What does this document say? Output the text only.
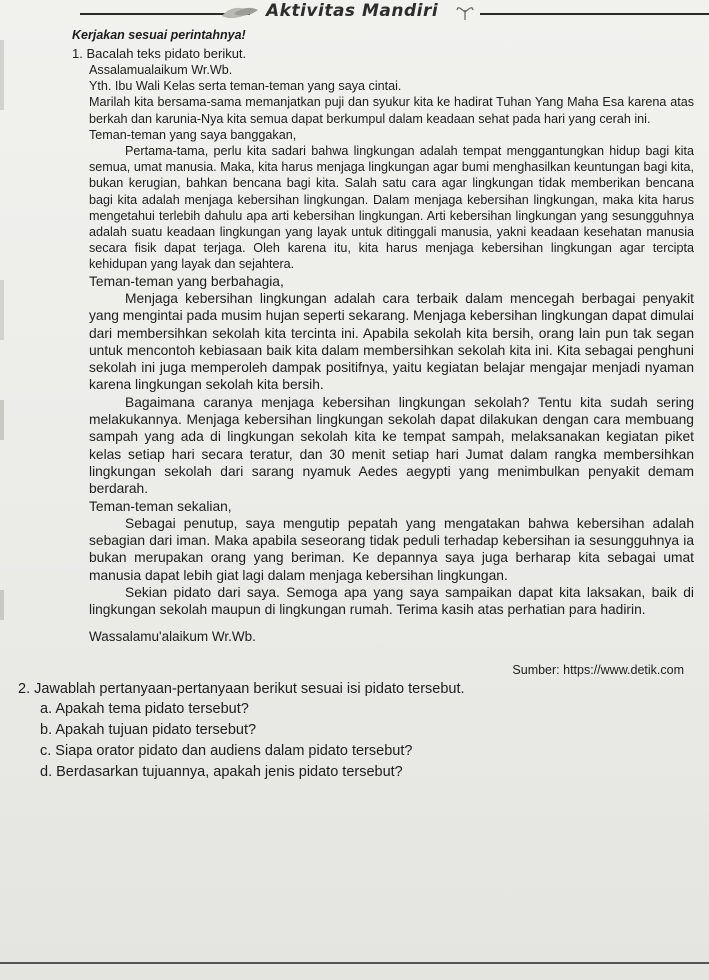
Aktivitas Mandiri
Kerjakan sesuai perintahnya!
1. Bacalah teks pidato berikut.

Assalamualaikum Wr.Wb.

Yth. Ibu Wali Kelas serta teman-teman yang saya cintai.

Marilah kita bersama-sama memanjatkan puji dan syukur kita ke hadirat Tuhan Yang Maha Esa karena atas berkah dan karunia-Nya kita semua dapat berkumpul dalam keadaan sehat pada hari yang cerah ini.

Teman-teman yang saya banggakan,

Pertama-tama, perlu kita sadari bahwa lingkungan adalah tempat menggantungkan hidup bagi kita semua, umat manusia. Maka, kita harus menjaga lingkungan agar bumi menghasilkan keuntungan bagi kita, bukan kerugian, bahkan bencana bagi kita. Salah satu cara agar lingkungan tidak memberikan bencana bagi kita adalah menjaga kebersihan lingkungan. Dalam menjaga kebersihan lingkungan, maka kita harus mengetahui terlebih dahulu apa arti kebersihan lingkungan. Arti kebersihan lingkungan yang sesungguhnya adalah suatu keadaan lingkungan yang layak untuk ditinggali manusia, yakni keadaan kesehatan manusia secara fisik dapat terjaga. Oleh karena itu, kita harus menjaga kebersihan lingkungan agar tercipta kehidupan yang layak dan sejahtera.

Teman-teman yang berbahagia,

Menjaga kebersihan lingkungan adalah cara terbaik dalam mencegah berbagai penyakit yang mengintai pada musim hujan seperti sekarang. Menjaga kebersihan lingkungan dapat dimulai dari membersihkan sekolah kita tercinta ini. Apabila sekolah kita bersih, orang lain pun tak segan untuk mencontoh kebiasaan baik kita dalam membersihkan sekolah kita ini. Kita sebagai penghuni sekolah ini juga memperoleh dampak positifnya, yaitu kegiatan belajar mengajar menjadi nyaman karena lingkungan sekolah kita bersih.

Bagaimana caranya menjaga kebersihan lingkungan sekolah? Tentu kita sudah sering melakukannya. Menjaga kebersihan lingkungan sekolah dapat dilakukan dengan cara membuang sampah yang ada di lingkungan sekolah kita ke tempat sampah, melaksanakan kegiatan piket kelas setiap hari secara teratur, dan 30 menit setiap hari Jumat dalam rangka membersihkan lingkungan sekolah dari sarang nyamuk Aedes aegypti yang menimbulkan penyakit demam berdarah.

Teman-teman sekalian,

Sebagai penutup, saya mengutip pepatah yang mengatakan bahwa kebersihan adalah sebagian dari iman. Maka apabila seseorang tidak peduli terhadap kebersihan ia sesungguhnya ia bukan merupakan orang yang beriman. Ke depannya saya juga berharap kita sebagai umat manusia dapat lebih giat lagi dalam menjaga kebersihan lingkungan.

Sekian pidato dari saya. Semoga apa yang saya sampaikan dapat kita laksakan, baik di lingkungan sekolah maupun di lingkungan rumah. Terima kasih atas perhatian para hadirin.

Wassalamu'alaikum Wr.Wb.

Sumber: https://www.detik.com
2. Jawablah pertanyaan-pertanyaan berikut sesuai isi pidato tersebut.
a. Apakah tema pidato tersebut?
b. Apakah tujuan pidato tersebut?
c. Siapa orator pidato dan audiens dalam pidato tersebut?
d. Berdasarkan tujuannya, apakah jenis pidato tersebut?
